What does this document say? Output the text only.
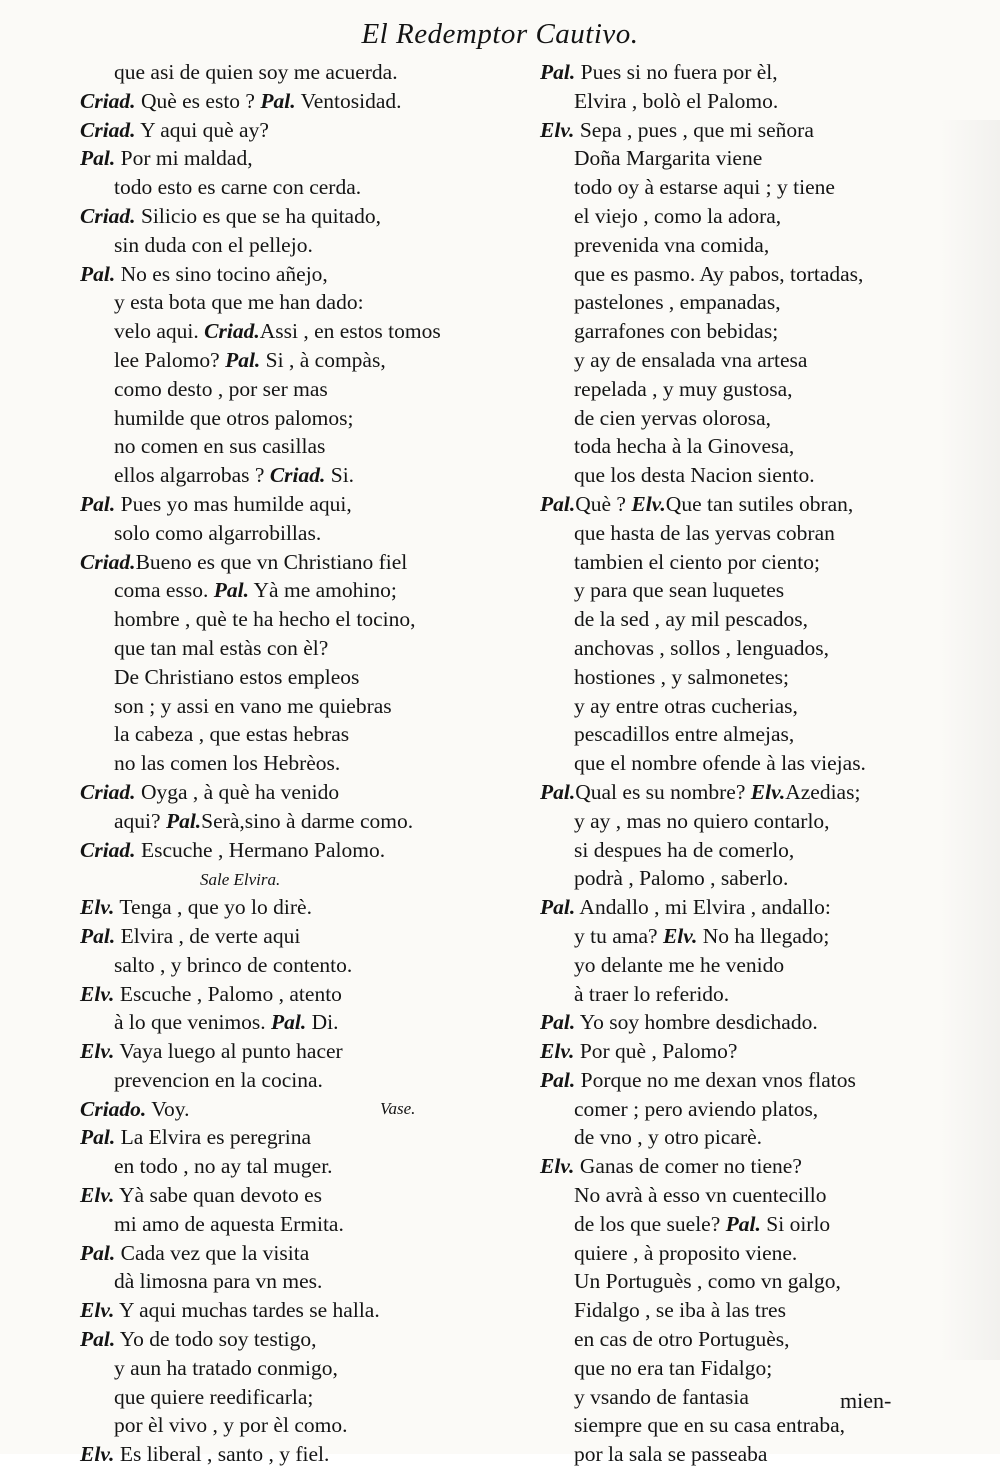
El Redemptor Cautivo.
que asi de quien soy me acuerda.
Criad. Què es esto ? Pal. Ventosidad.
Criad. Y aqui què ay?
Pal. Por mi maldad,
todo esto es carne con cerda.
Criad. Silicio es que se ha quitado,
sin duda con el pellejo.
Pal. No es sino tocino añejo,
y esta bota que me han dado:
velo aqui. Criad.Assi , en estos tomos
lee Palomo? Pal. Si , à compàs,
como desto , por ser mas
humilde que otros palomos;
no comen en sus casillas
ellos algarrobas ? Criad. Si.
Pal. Pues yo mas humilde aqui,
solo como algarrobillas.
Criad.Bueno es que vn Christiano fiel
coma esso. Pal. Yà me amohino;
hombre , què te ha hecho el tocino,
que tan mal estàs con èl?
De Christiano estos empleos
son ; y assi en vano me quiebras
la cabeza , que estas hebras
no las comen los Hebrèos.
Criad. Oyga , à què ha venido
aqui? Pal.Serà,sino à darme como.
Criad. Escuche , Hermano Palomo.
Sale Elvira.
Elv. Tenga , que yo lo dirè.
Pal. Elvira , de verte aqui
salto , y brinco de contento.
Elv. Escuche , Palomo , atento
à lo que venimos. Pal. Di.
Elv. Vaya luego al punto hacer
prevencion en la cocina.
Criado. Voy.	Vase.
Pal. La Elvira es peregrina
en todo , no ay tal muger.
Elv. Yà sabe quan devoto es
mi amo de aquesta Ermita.
Pal. Cada vez que la visita
dà limosna para vn mes.
Elv. Y aqui muchas tardes se halla.
Pal. Yo de todo soy testigo,
y aun ha tratado conmigo,
que quiere reedificarla;
por èl vivo , y por èl como.
Elv. Es liberal , santo , y fiel.
Pal. Pues si no fuera por èl,
Elvira , bolò el Palomo.
Elv. Sepa , pues , que mi señora
Doña Margarita viene
todo oy à estarse aqui ; y tiene
el viejo , como la adora,
prevenida vna comida,
que es pasmo. Ay pabos, tortadas,
pastelones , empanadas,
garrafones con bebidas;
y ay de ensalada vna artesa
repelada , y muy gustosa,
de cien yervas olorosa,
toda hecha à la Ginovesa,
que los desta Nacion siento.
Pal.Què ? Elv.Que tan sutiles obran,
que hasta de las yervas cobran
tambien el ciento por ciento;
y para que sean luquetes
de la sed , ay mil pescados,
anchovas , sollos , lenguados,
hostiones , y salmonetes;
y ay entre otras cucherias,
pescadillos entre almejas,
que el nombre ofende à las viejas.
Pal.Qual es su nombre? Elv.Azedias;
y ay , mas no quiero contarlo,
si despues ha de comerlo,
podrà , Palomo , saberlo.
Pal. Andallo , mi Elvira , andallo:
y tu ama? Elv. No ha llegado;
yo delante me he venido
à traer lo referido.
Pal. Yo soy hombre desdichado.
Elv. Por què , Palomo?
Pal. Porque no me dexan vnos flatos
comer ; pero aviendo platos,
de vno , y otro picarè.
Elv. Ganas de comer no tiene?
No avrà à esso vn cuentecillo
de los que suele? Pal. Si oirlo
quiere , à proposito viene.
Un Portuguès , como vn galgo,
Fidalgo , se iba à las tres
en cas de otro Portuguès,
que no era tan Fidalgo;
y vsando de fantasia
siempre que en su casa entraba,
por la sala se passeaba
mien-
